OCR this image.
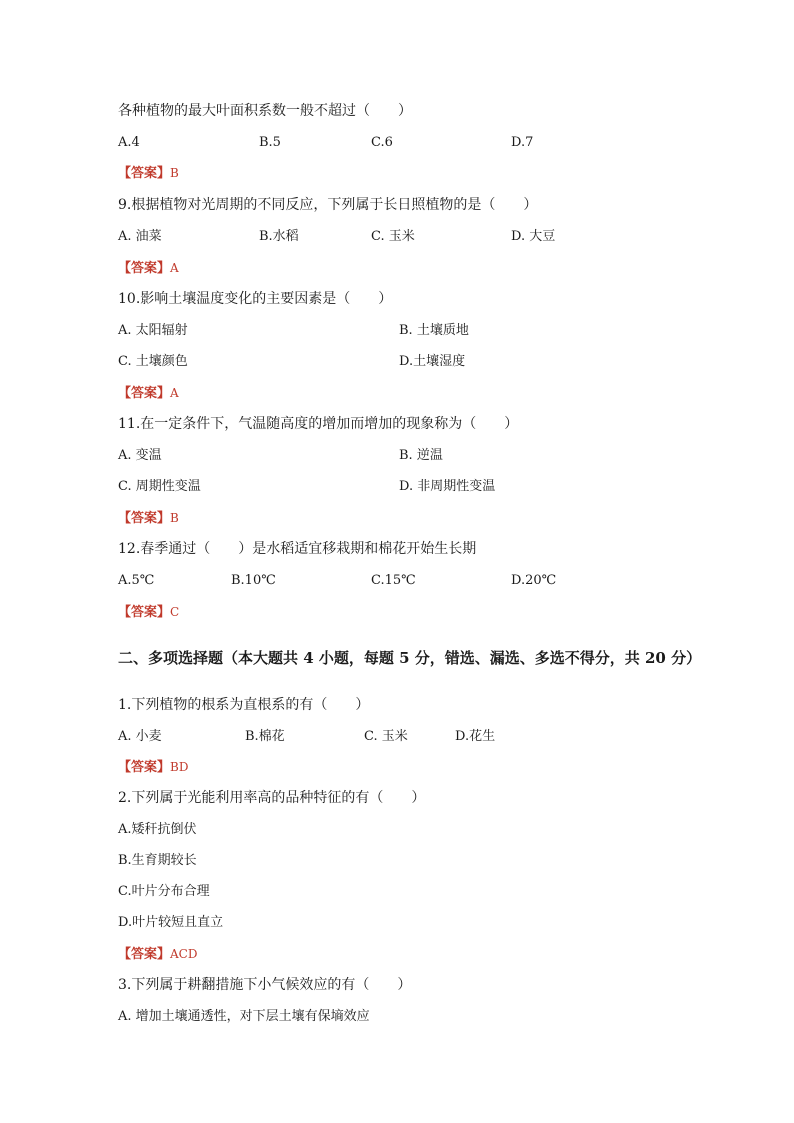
各种植物的最大叶面积系数一般不超过（　　）
A.4	B.5	C.6	D.7
【答案】B
9.根据植物对光周期的不同反应，下列属于长日照植物的是（　　）
A. 油菜	B.水稻	C. 玉米	D. 大豆
【答案】A
10.影响土壤温度变化的主要因素是（　　）
A. 太阳辐射	B. 土壤质地
C. 土壤颜色	D.土壤湿度
【答案】A
11.在一定条件下，气温随高度的增加而增加的现象称为（　　）
A. 变温	B. 逆温
C. 周期性变温	D. 非周期性变温
【答案】B
12.春季通过（　　）是水稻适宜移栽期和棉花开始生长期
A.5℃	B.10℃	C.15℃	D.20℃
【答案】C
二、多项选择题（本大题共 4 小题，每题 5 分，错选、漏选、多选不得分，共 20 分）
1.下列植物的根系为直根系的有（　　）
A. 小麦	B.棉花	C. 玉米	D.花生
【答案】BD
2.下列属于光能利用率高的品种特征的有（　　）
A.矮秆抗倒伏
B.生育期较长
C.叶片分布合理
D.叶片较短且直立
【答案】ACD
3.下列属于耕翻措施下小气候效应的有（　　）
A. 增加土壤通透性，对下层土壤有保墒效应
